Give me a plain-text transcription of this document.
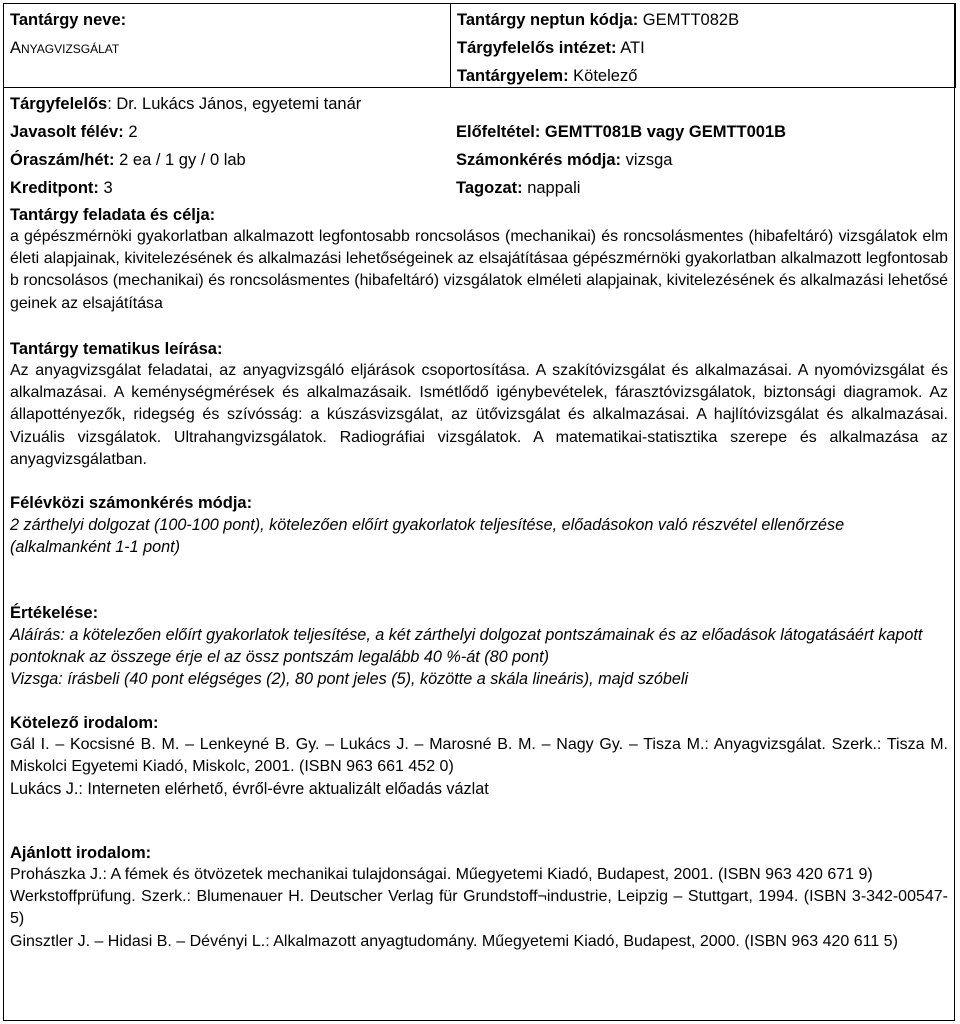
Tantárgy neve:
Anyagvizsgálat
Tantárgy neptun kódja: GEMTT082B
Tárgyfelelős intézet: ATI
Tantárgyelem: Kötelező
Tárgyfelelős: Dr. Lukács János, egyetemi tanár
Javasolt félév: 2
Óraszám/hét: 2 ea / 1 gy / 0 lab
Kreditpont: 3
Előfeltétel: GEMTT081B vagy GEMTT001B
Számonkérés módja: vizsga
Tagozat: nappali
Tantárgy feladata és célja:
a gépészmérnöki gyakorlatban alkalmazott legfontosabb roncsolásos (mechanikai) és roncsolásmentes (hibafeltáró) vizsgálatok elméleti alapjainak, kivitelezésének és alkalmazási lehetőségeinek az elsajátításaa gépészmérnöki gyakorlatban alkalmazott legfontosabb roncsolásos (mechanikai) és roncsolásmentes (hibafeltáró) vizsgálatok elméleti alapjainak, kivitelezésének és alkalmazási lehetőségeinek az elsajátítása
Tantárgy tematikus leírása:
Az anyagvizsgálat feladatai, az anyagvizsgáló eljárások csoportosítása. A szakítóvizsgálat és alkalmazásai. A nyomóvizsgálat és alkalmazásai. A keménységmérések és alkalmazásaik. Ismétlődő igénybevételek, fárasztóvizsgálatok, biztonsági diagramok. Az állapottényezők, ridegség és szívósság: a kúszásvizsgálat, az ütővizsgálat és alkalmazásai. A hajlítóvizsgálat és alkalmazásai. Vizuális vizsgálatok. Ultrahangvizsgálatok. Radiográfiai vizsgálatok. A matematikai-statisztika szerepe és alkalmazása az anyagvizsgálatban.
Félévközi számonkérés módja:
2 zárthelyi dolgozat (100-100 pont), kötelezően előírt gyakorlatok teljesítése, előadásokon való részvétel ellenőrzése (alkalmanként 1-1 pont)
Értékelése:
Aláírás: a kötelezően előírt gyakorlatok teljesítése, a két zárthelyi dolgozat pontszámainak és az előadások látogatásáért kapott pontoknak az összege érje el az össz pontszám legalább 40 %-át (80 pont)
Vizsga: írásbeli (40 pont elégséges (2), 80 pont jeles (5), közötte a skála lineáris), majd szóbeli
Kötelező irodalom:
Gál I. – Kocsisné B. M. – Lenkeyné B. Gy. – Lukács J. – Marosné B. M. – Nagy Gy. – Tisza M.: Anyagvizsgálat. Szerk.: Tisza M. Miskolci Egyetemi Kiadó, Miskolc, 2001. (ISBN 963 661 452 0)
Lukács J.: Interneten elérhető, évről-évre aktualizált előadás vázlat
Ajánlott irodalom:
Prohászka J.: A fémek és ötvözetek mechanikai tulajdonságai. Műegyetemi Kiadó, Budapest, 2001. (ISBN 963 420 671 9)
Werkstoffprüfung. Szerk.: Blumenauer H. Deutscher Verlag für Grundstoff¬industrie, Leipzig – Stuttgart, 1994. (ISBN 3-342-00547-5)
Ginsztler J. – Hidasi B. – Dévényi L.: Alkalmazott anyagtudomány. Műegyetemi Kiadó, Budapest, 2000. (ISBN 963 420 611 5)
